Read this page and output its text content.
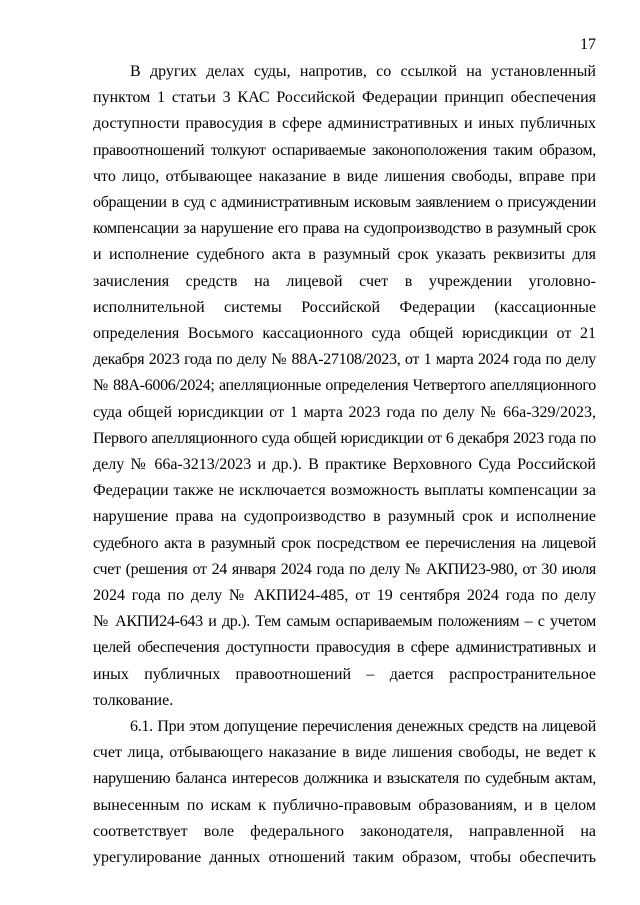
17

В других делах суды, напротив, со ссылкой на установленный
пунктом 1 статьи 3 КАС Российской Федерации принцип обеспечения
доступности правосудия в сфере административных и иных публичных
правоотношений толкуют оспариваемые законоположения таким образом,
что лицо, отбывающее наказание в виде лишения свободы, вправе при
обращении в суд с административным исковым заявлением о присуждении
компенсации за нарушение его права на судопроизводство в разумный срок
и исполнение судебного акта в разумный срок указать реквизиты для
зачисления средств на лицевой счет в учреждении уголовно-
исполнительной системы Российской Федерации (кассационные
определения Восьмого кассационного суда общей юрисдикции от 21
декабря 2023 года по делу № 88А-27108/2023, от 1 марта 2024 года по делу
№ 88А-6006/2024; апелляционные определения Четвертого апелляционного
суда общей юрисдикции от 1 марта 2023 года по делу № 66а-329/2023,
Первого апелляционного суда общей юрисдикции от 6 декабря 2023 года по
делу № 66а-3213/2023 и др.). В практике Верховного Суда Российской
Федерации также не исключается возможность выплаты компенсации за
нарушение права на судопроизводство в разумный срок и исполнение
судебного акта в разумный срок посредством ее перечисления на лицевой
счет (решения от 24 января 2024 года по делу № АКПИ23-980, от 30 июля
2024 года по делу № АКПИ24-485, от 19 сентября 2024 года по делу
№ АКПИ24-643 и др.). Тем самым оспариваемым положениям – с учетом
целей обеспечения доступности правосудия в сфере административных и
иных публичных правоотношений – дается распространительное
толкование.

6.1. При этом допущение перечисления денежных средств на лицевой
счет лица, отбывающего наказание в виде лишения свободы, не ведет к
нарушению баланса интересов должника и взыскателя по судебным актам,
вынесенным по искам к публично-правовым образованиям, и в целом
соответствует воле федерального законодателя, направленной на
урегулирование данных отношений таким образом, чтобы обеспечить
